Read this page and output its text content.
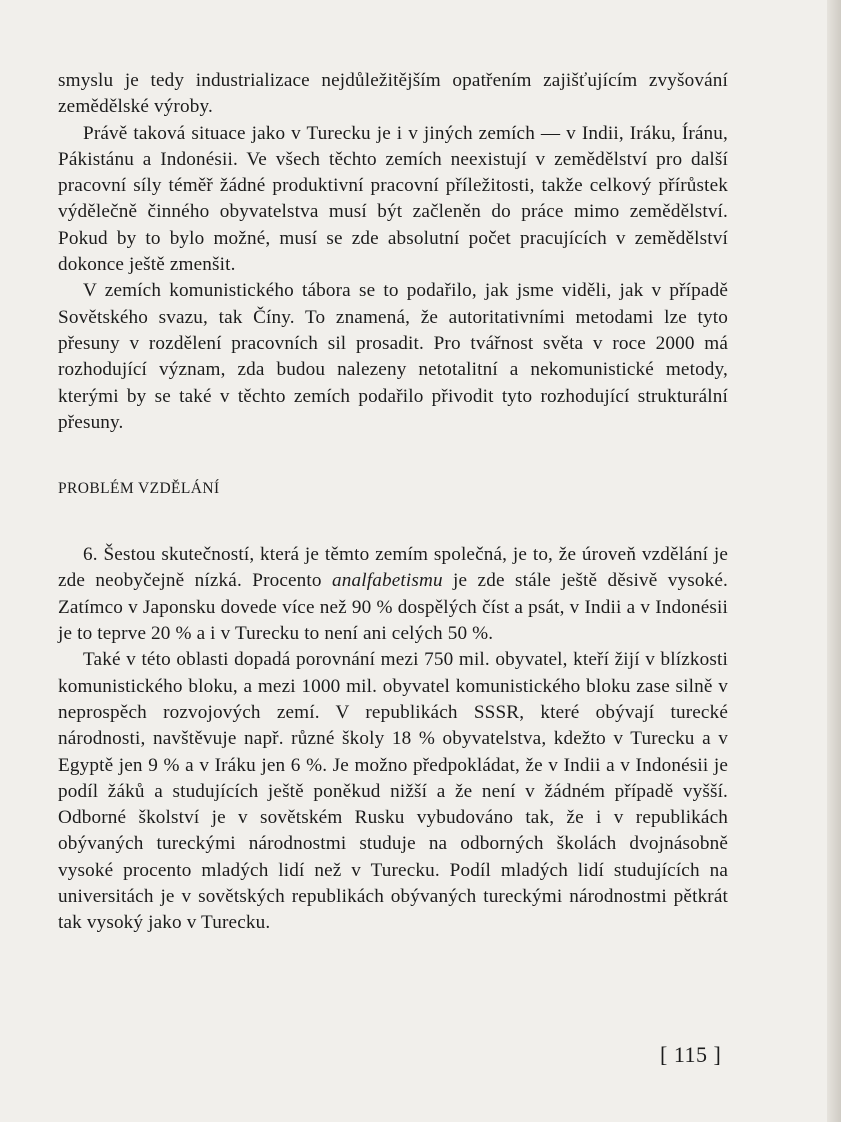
smyslu je tedy industrializace nejdůležitějším opatřením zajišťujícím zvyšování zemědělské výroby.

Právě taková situace jako v Turecku je i v jiných zemích — v Indii, Iráku, Íránu, Pákistánu a Indonésii. Ve všech těchto zemích neexistují v zemědělství pro další pracovní síly téměř žádné produktivní pracovní příležitosti, takže celkový přírůstek výdělečně činného obyvatelstva musí být začleněn do práce mimo zemědělství. Pokud by to bylo možné, musí se zde absolutní počet pracujících v zemědělství dokonce ještě zmenšit.

V zemích komunistického tábora se to podařilo, jak jsme viděli, jak v případě Sovětského svazu, tak Číny. To znamená, že autoritativními metodami lze tyto přesuny v rozdělení pracovních sil prosadit. Pro tvářnost světa v roce 2000 má rozhodující význam, zda budou nalezeny netotalitní a nekomunistické metody, kterými by se také v těchto zemích podařilo přivodit tyto rozhodující strukturální přesuny.

PROBLÉM VZDĚLÁNÍ

6. Šestou skutečností, která je těmto zemím společná, je to, že úroveň vzdělání je zde neobyčejně nízká. Procento analfabetismu je zde stále ještě děsivě vysoké. Zatímco v Japonsku dovede více než 90 % dospělých číst a psát, v Indii a v Indonésii je to teprve 20 % a i v Turecku to není ani celých 50 %.

Také v této oblasti dopadá porovnání mezi 750 mil. obyvatel, kteří žijí v blízkosti komunistického bloku, a mezi 1000 mil. obyvatel komunistického bloku zase silně v neprospěch rozvojových zemí. V republikách SSSR, které obývají turecké národnosti, navštěvuje např. různé školy 18 % obyvatelstva, kdežto v Turecku a v Egyptě jen 9 % a v Iráku jen 6 %. Je možno předpokládat, že v Indii a v Indonésii je podíl žáků a studujících ještě poněkud nižší a že není v žádném případě vyšší. Odborné školství je v sovětském Rusku vybudováno tak, že i v republikách obývaných tureckými národnostmi studuje na odborných školách dvojnásobně vysoké procento mladých lidí než v Turecku. Podíl mladých lidí studujících na universitách je v sovětských republikách obývaných tureckými národnostmi pětkrát tak vysoký jako v Turecku.

[ 115 ]
